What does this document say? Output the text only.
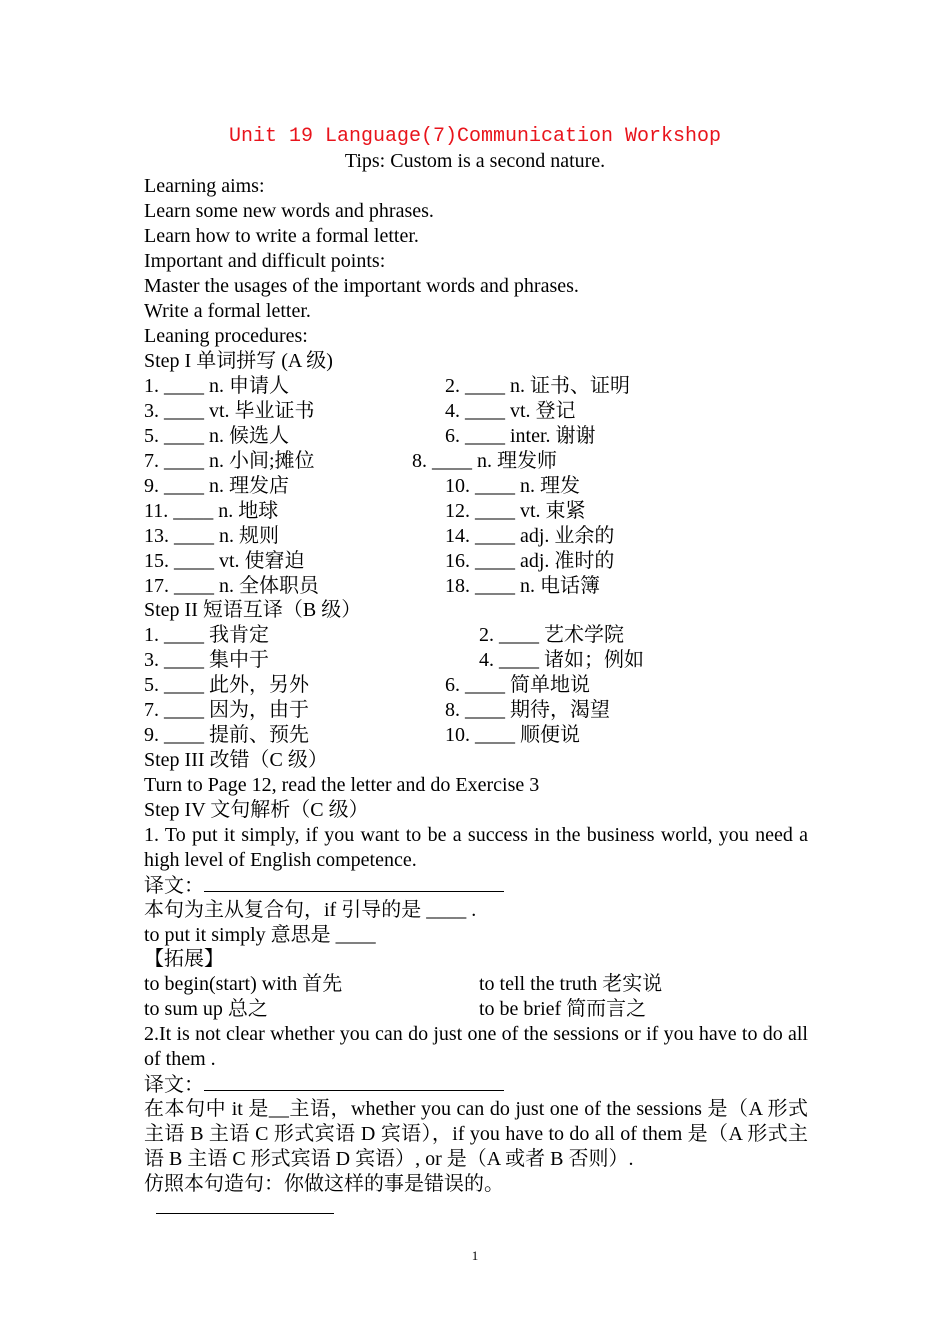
Unit 19 Language(7)Communication Workshop
Tips: Custom is a second nature.
Learning aims:
Learn some new words and phrases.
Learn how to write a formal letter.
Important and difficult points:
Master the usages of the important words and phrases.
Write a formal letter.
Leaning procedures:
Step I 单词拼写 (A 级)
1. ____ n. 申请人	2. ____ n. 证书、证明
3. ____ vt. 毕业证书	4. ____ vt. 登记
5. ____ n. 候选人	6. ____ inter. 谢谢
7. ____ n. 小间;摊位	8. ____ n. 理发师
9. ____ n. 理发店	10. ____ n. 理发
11. ____ n. 地球	12. ____ vt. 束紧
13. ____ n. 规则	14. ____ adj. 业余的
15. ____ vt. 使窘迫	16. ____ adj. 准时的
17. ____ n. 全体职员	18. ____ n. 电话簿
Step II 短语互译（B 级）
1. ____ 我肯定	2. ____ 艺术学院
3. ____ 集中于	4. ____ 诸如；例如
5. ____ 此外，另外	6. ____ 简单地说
7. ____ 因为，由于	8. ____ 期待，渴望
9. ____ 提前、预先	10. ____ 顺便说
Step III 改错（C 级）
Turn to Page 12, read the letter and do Exercise 3
Step IV 文句解析（C 级）
1. To put it simply, if you want to be a success in the business world, you need a high level of English competence.
译文：
本句为主从复合句，if 引导的是 ____ .
to put it simply 意思是 ____
【拓展】
to begin(start) with 首先	to tell the truth 老实说
to sum up 总之	to be brief 简而言之
2.It is not clear whether you can do just one of the sessions or if you have to do all of them .
译文：
在本句中 it 是__主语，whether you can do just one of the sessions 是（A 形式主语 B 主语 C 形式宾语 D 宾语），if you have to do all of them 是（A 形式主语 B 主语 C 形式宾语 D 宾语）, or 是（A 或者 B 否则）.
仿照本句造句：你做这样的事是错误的。
1
